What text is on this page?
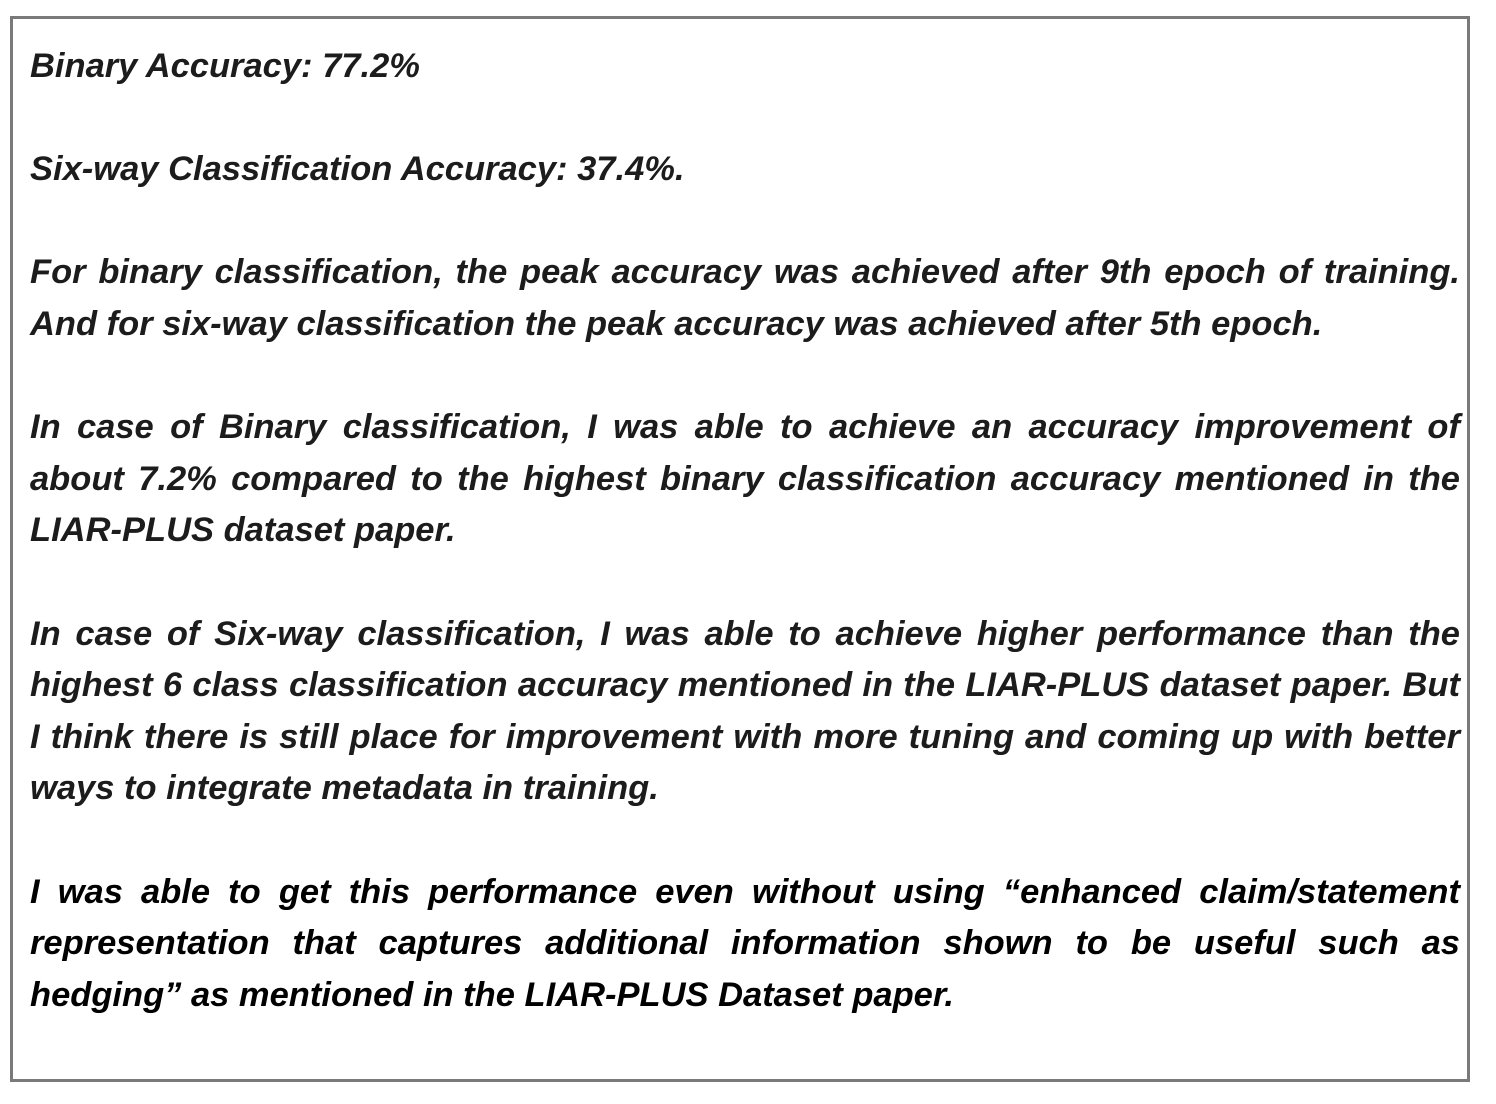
Binary Accuracy: 77.2%

Six-way Classification Accuracy: 37.4%.

For binary classification, the peak accuracy was achieved after 9th epoch of training. And for six-way classification the peak accuracy was achieved after 5th epoch.

In case of Binary classification, I was able to achieve an accuracy improvement of about 7.2% compared to the highest binary classification accuracy mentioned in the LIAR-PLUS dataset paper.

In case of Six-way classification, I was able to achieve higher performance than the highest 6 class classification accuracy mentioned in the LIAR-PLUS dataset paper. But I think there is still place for improvement with more tuning and coming up with better ways to integrate metadata in training.

I was able to get this performance even without using “enhanced claim/statement representation that captures additional information shown to be useful such as hedging” as mentioned in the LIAR-PLUS Dataset paper.
